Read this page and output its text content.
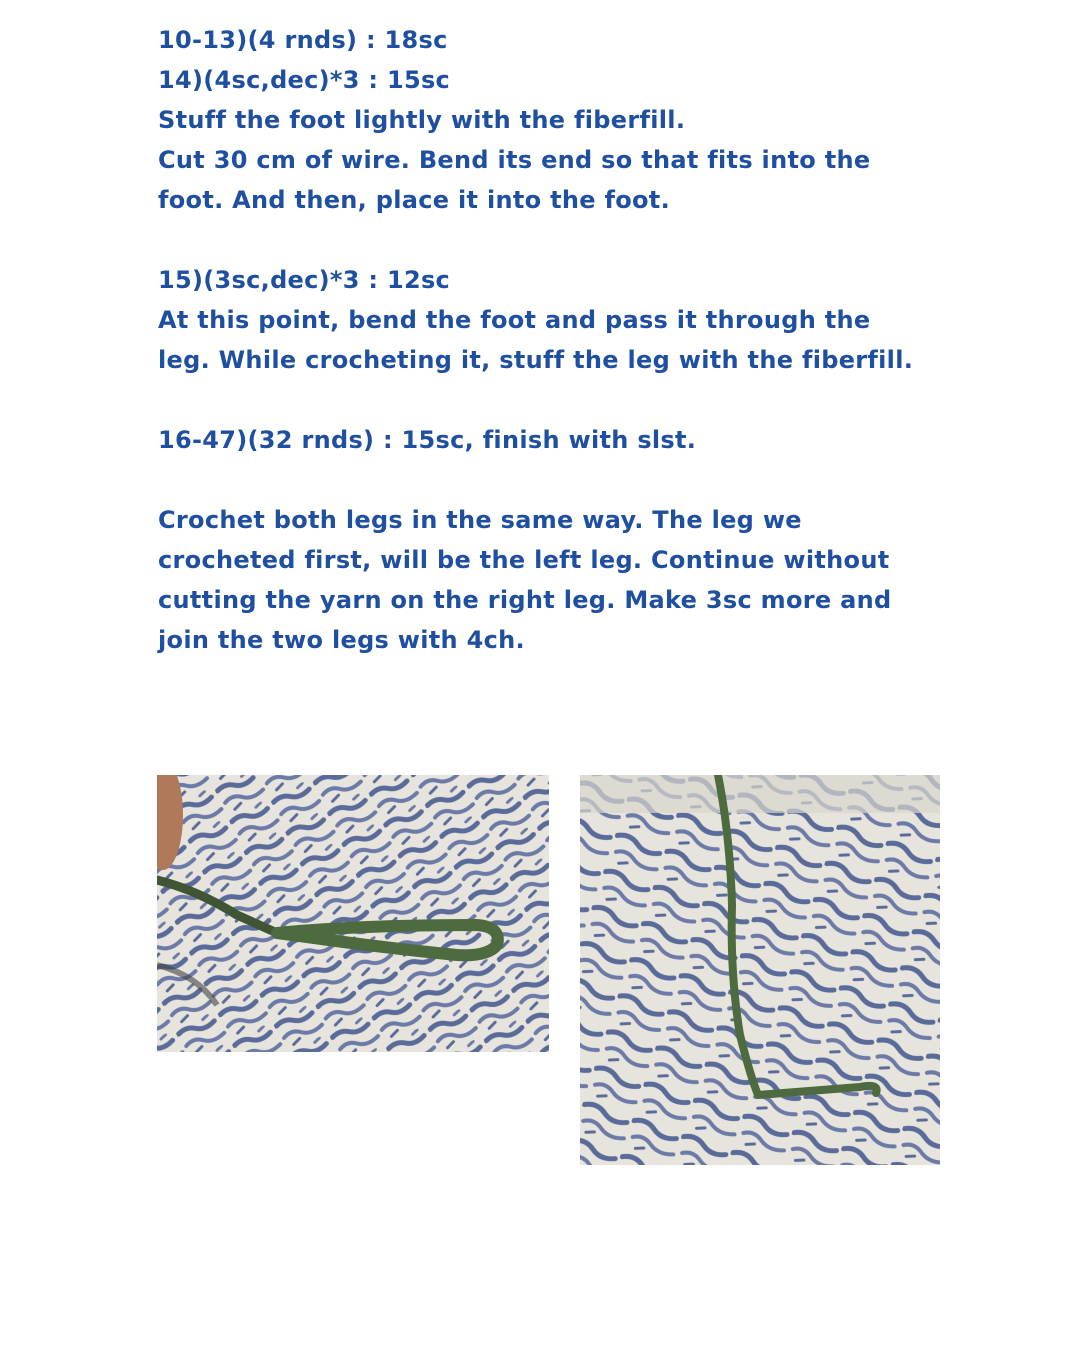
10-13)(4 rnds) : 18sc
14)(4sc,dec)*3 : 15sc
Stuff the foot lightly with the fiberfill.
Cut 30 cm of wire. Bend its end so that fits into the
foot. And then, place it into the foot.
15)(3sc,dec)*3 : 12sc
At this point, bend the foot and pass it through the
leg. While crocheting it, stuff the leg with the fiberfill.
16-47)(32 rnds) : 15sc, finish with slst.
Crochet both legs in the same way. The leg we
crocheted first, will be the left leg. Continue without
cutting the yarn on the right leg. Make 3sc more and
join the two legs with 4ch.
